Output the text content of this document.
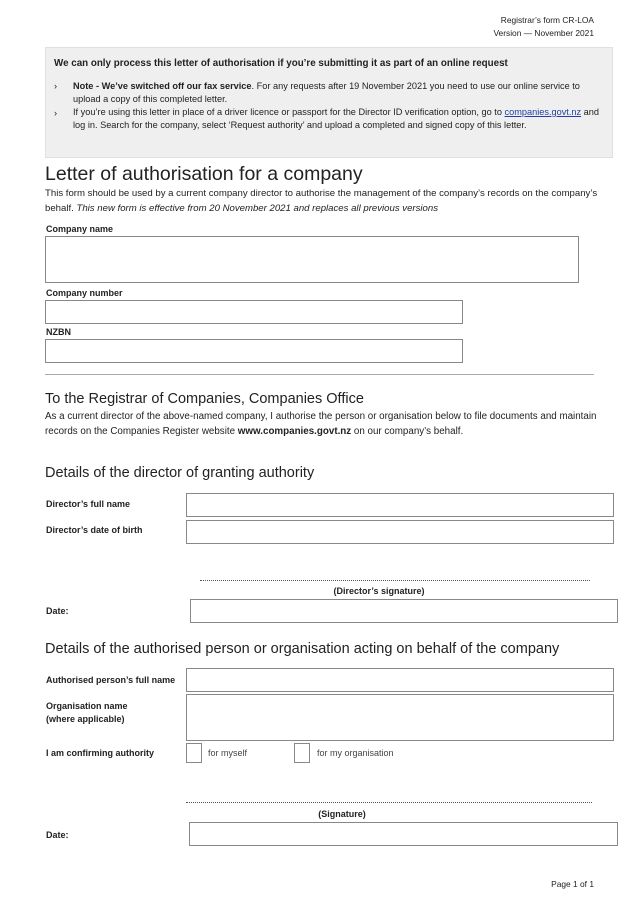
Registrar’s form CR-LOA
Version — November 2021
We can only process this letter of authorisation if you’re submitting it as part of an online request
› Note - We’ve switched off our fax service. For any requests after 19 November 2021 you need to use our online service to upload a copy of this completed letter.
› If you’re using this letter in place of a driver licence or passport for the Director ID verification option, go to companies.govt.nz and log in. Search for the company, select ‘Request authority’ and upload a completed and signed copy of this letter.
Letter of authorisation for a company
This form should be used by a current company director to authorise the management of the company’s records on the company’s behalf. This new form is effective from 20 November 2021 and replaces all previous versions
Company name
Company number
NZBN
To the Registrar of Companies, Companies Office
As a current director of the above-named company, I authorise the person or organisation below to file documents and maintain records on the Companies Register website www.companies.govt.nz on our company’s behalf.
Details of the director of granting authority
Director’s full name
Director’s date of birth
(Director’s signature)
Date:
Details of the authorised person or organisation acting on behalf of the company
Authorised person’s full name
Organisation name
(where applicable)
I am confirming authority	for myself	for my organisation
(Signature)
Date:
Page 1 of 1
